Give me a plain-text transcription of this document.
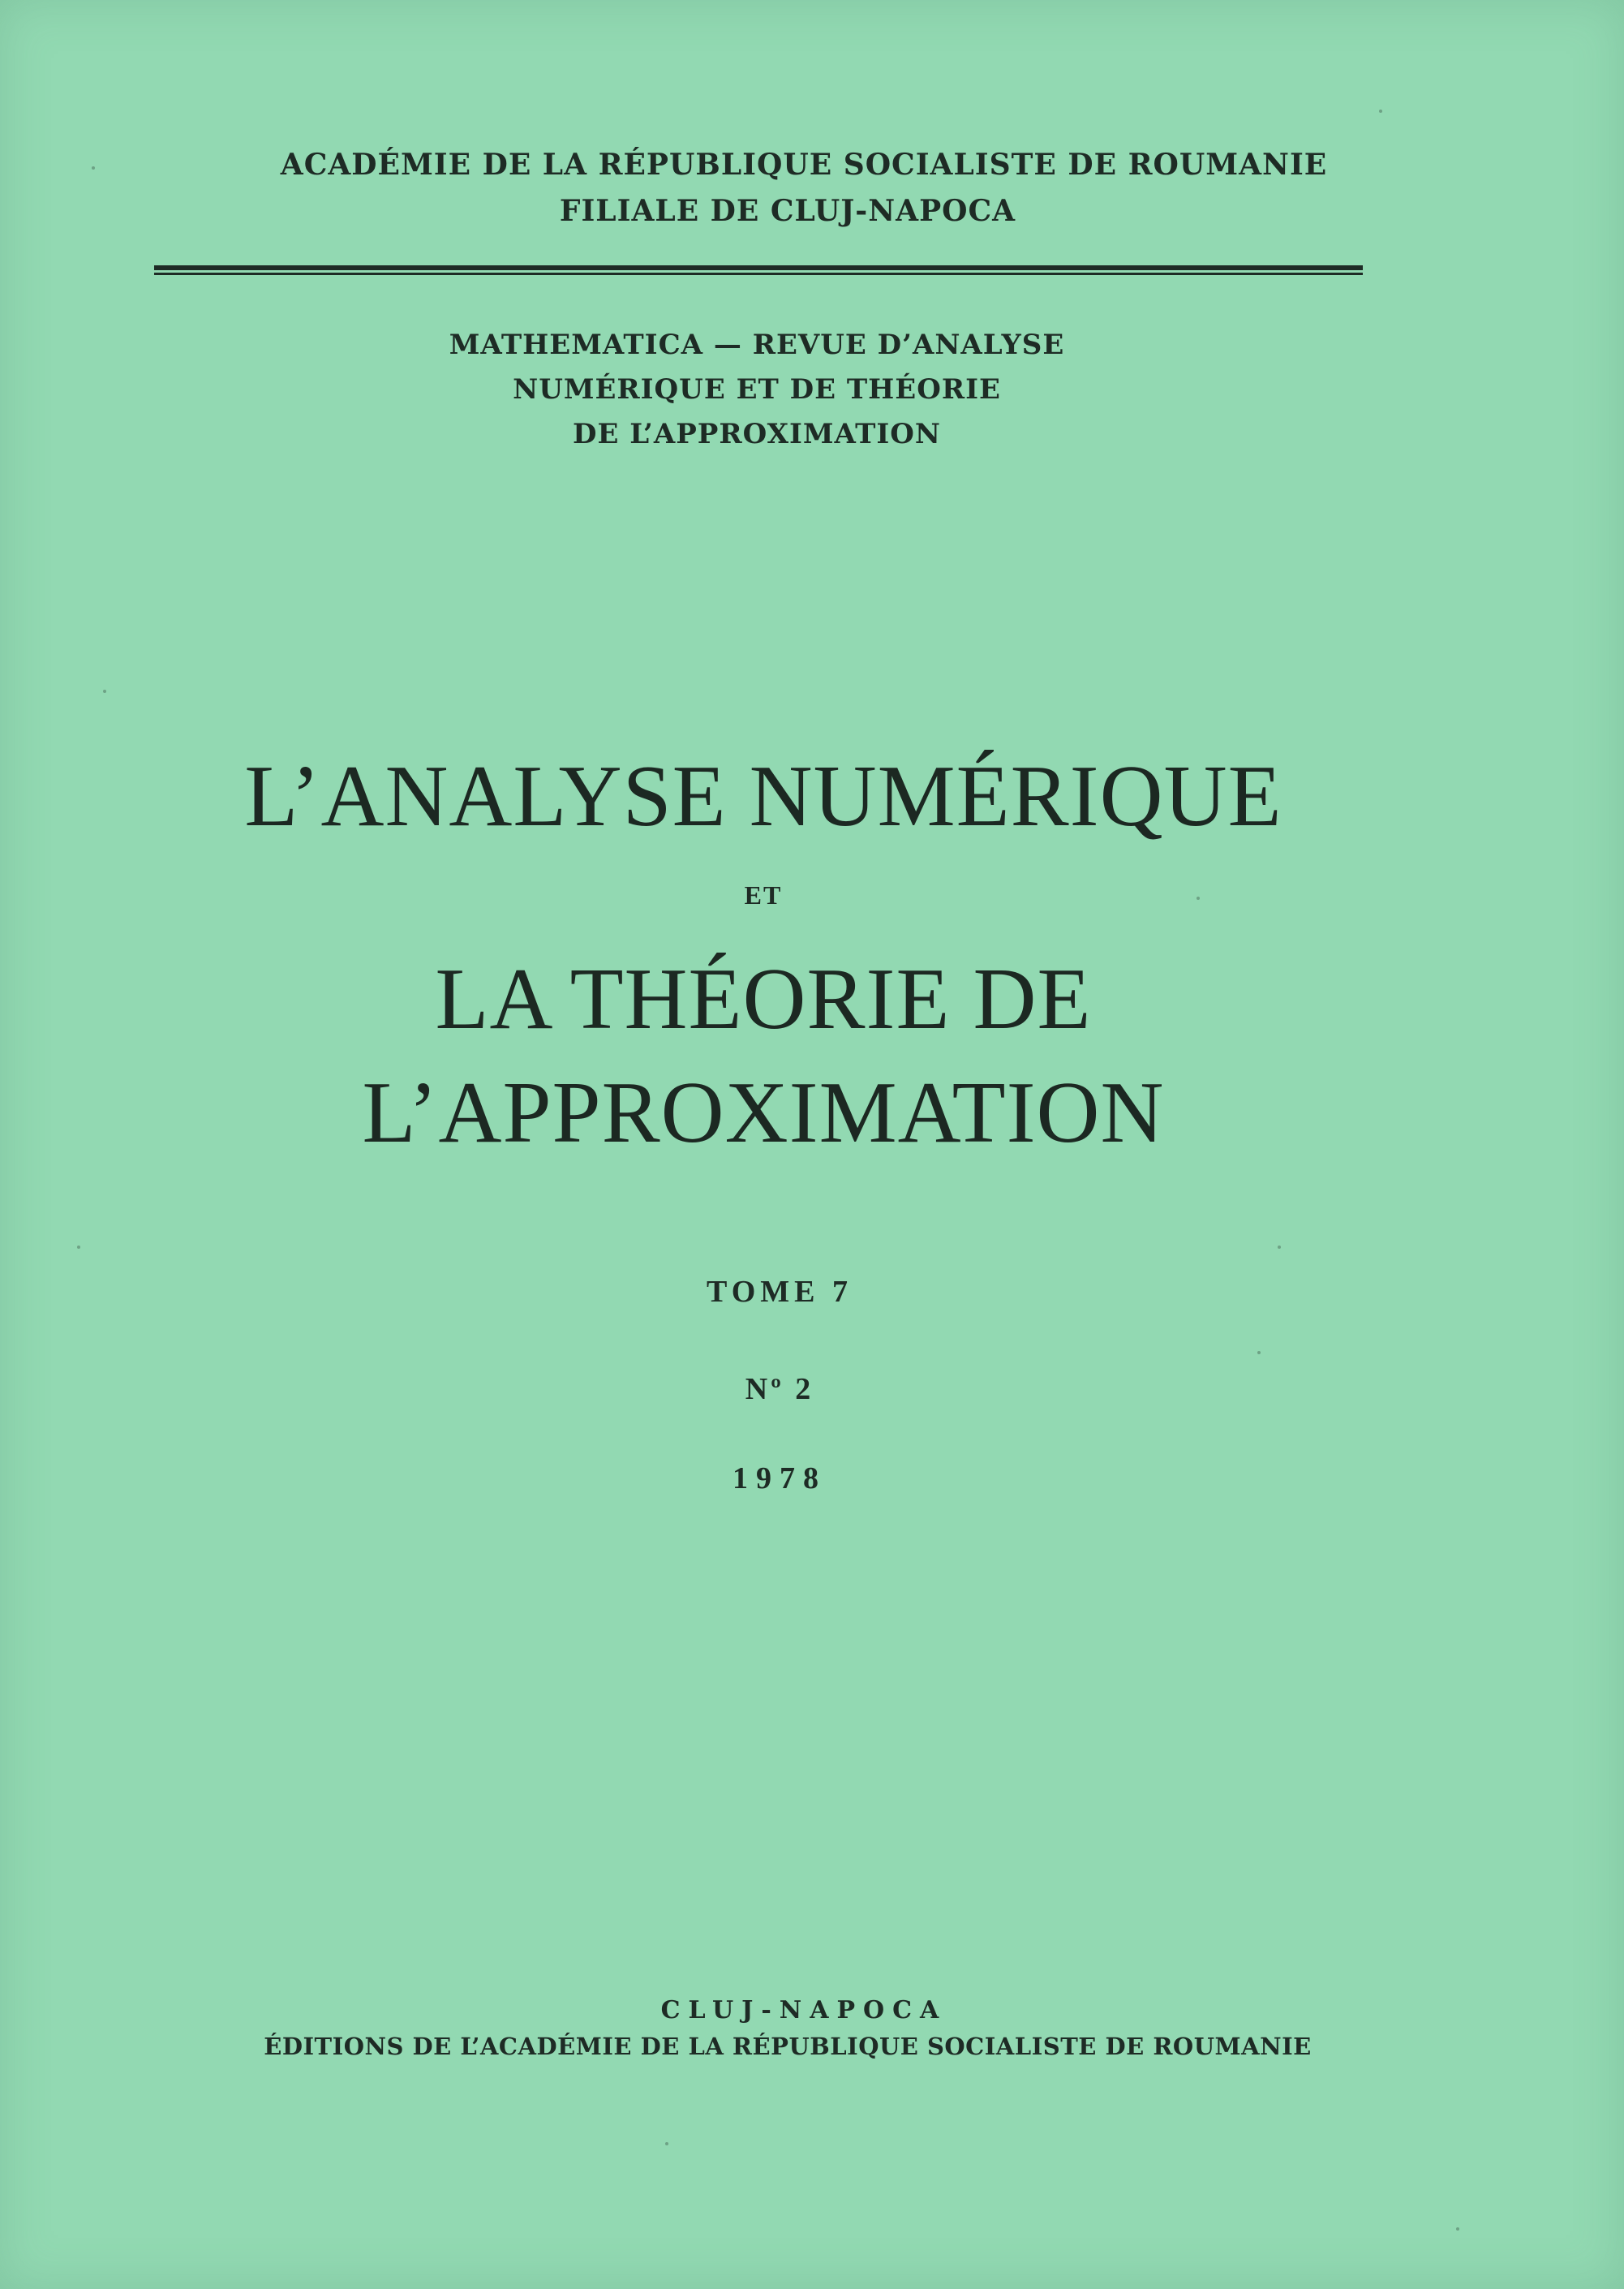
ACADÉMIE DE LA RÉPUBLIQUE SOCIALISTE DE ROUMANIE
FILIALE DE CLUJ-NAPOCA
MATHEMATICA — REVUE D’ANALYSE
NUMÉRIQUE ET DE THÉORIE
DE L’APPROXIMATION
L’ANALYSE NUMÉRIQUE
ET
LA THÉORIE DE
L’APPROXIMATION
TOME 7
Nº 2
1978
CLUJ-NAPOCA
ÉDITIONS DE L’ACADÉMIE DE LA RÉPUBLIQUE SOCIALISTE DE ROUMANIE
